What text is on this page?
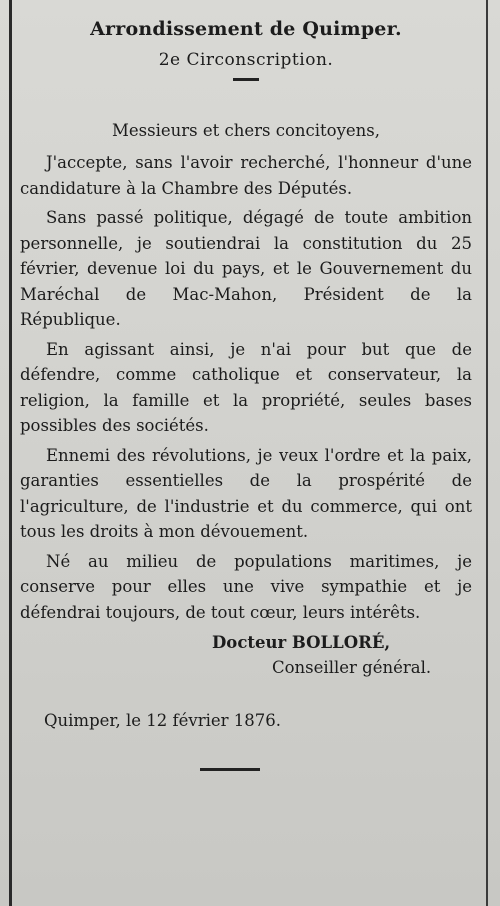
Arrondissement de Quimper.
2e Circonscription.
Messieurs et chers concitoyens,

J'accepte, sans l'avoir recherché, l'honneur d'une candidature à la Chambre des Députés.

Sans passé politique, dégagé de toute ambition personnelle, je soutiendrai la constitution du 25 février, devenue loi du pays, et le Gouvernement du Maréchal de Mac-Mahon, Président de la République.

En agissant ainsi, je n'ai pour but que de défendre, comme catholique et conservateur, la religion, la famille et la propriété, seules bases possibles des sociétés.

Ennemi des révolutions, je veux l'ordre et la paix, garanties essentielles de la prospérité de l'agriculture, de l'industrie et du commerce, qui ont tous les droits à mon dévouement.

Né au milieu de populations maritimes, je conserve pour elles une vive sympathie et je défendrai toujours, de tout cœur, leurs intérêts.

Docteur BOLLORÉ,
Conseiller général.
Quimper, le 12 février 1876.
